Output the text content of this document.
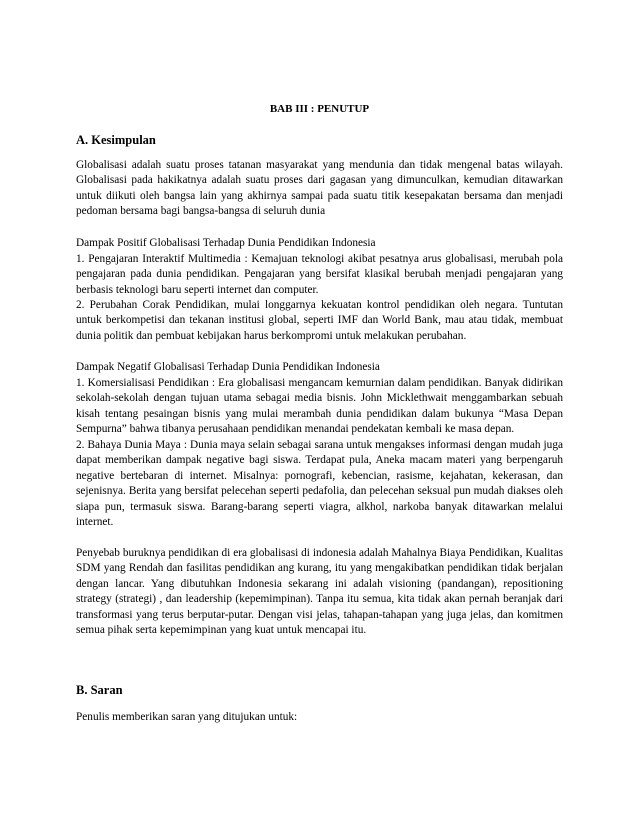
BAB III : PENUTUP
A. Kesimpulan
Globalisasi adalah suatu proses tatanan masyarakat yang mendunia dan tidak mengenal batas wilayah. Globalisasi pada hakikatnya adalah suatu proses dari gagasan yang dimunculkan, kemudian ditawarkan untuk diikuti oleh bangsa lain yang akhirnya sampai pada suatu titik kesepakatan bersama dan menjadi pedoman bersama bagi bangsa-bangsa di seluruh dunia
Dampak Positif Globalisasi Terhadap Dunia Pendidikan Indonesia
1. Pengajaran Interaktif Multimedia : Kemajuan teknologi akibat pesatnya arus globalisasi, merubah pola pengajaran pada dunia pendidikan. Pengajaran yang bersifat klasikal berubah menjadi pengajaran yang berbasis teknologi baru seperti internet dan computer.
2. Perubahan Corak Pendidikan, mulai longgarnya kekuatan kontrol pendidikan oleh negara. Tuntutan untuk berkompetisi dan tekanan institusi global, seperti IMF dan World Bank, mau atau tidak, membuat dunia politik dan pembuat kebijakan harus berkompromi untuk melakukan perubahan.
Dampak Negatif Globalisasi Terhadap Dunia Pendidikan Indonesia
1. Komersialisasi Pendidikan : Era globalisasi mengancam kemurnian dalam pendidikan. Banyak didirikan sekolah-sekolah dengan tujuan utama sebagai media bisnis. John Micklethwait menggambarkan sebuah kisah tentang pesaingan bisnis yang mulai merambah dunia pendidikan dalam bukunya “Masa Depan Sempurna” bahwa tibanya perusahaan pendidikan menandai pendekatan kembali ke masa depan.
2. Bahaya Dunia Maya : Dunia maya selain sebagai sarana untuk mengakses informasi dengan mudah juga dapat memberikan dampak negative bagi siswa. Terdapat pula, Aneka macam materi yang berpengaruh negative bertebaran di internet. Misalnya: pornografi, kebencian, rasisme, kejahatan, kekerasan, dan sejenisnya. Berita yang bersifat pelecehan seperti pedafolia, dan pelecehan seksual pun mudah diakses oleh siapa pun, termasuk siswa. Barang-barang seperti viagra, alkhol, narkoba banyak ditawarkan melalui internet.
Penyebab buruknya pendidikan di era globalisasi di indonesia adalah Mahalnya Biaya Pendidikan, Kualitas SDM yang Rendah dan fasilitas pendidikan ang kurang, itu yang mengakibatkan pendidikan tidak berjalan dengan lancar. Yang dibutuhkan Indonesia sekarang ini adalah visioning (pandangan), repositioning strategy (strategi) , dan leadership (kepemimpinan). Tanpa itu semua, kita tidak akan pernah beranjak dari transformasi yang terus berputar-putar. Dengan visi jelas, tahapan-tahapan yang juga jelas, dan komitmen semua pihak serta kepemimpinan yang kuat untuk mencapai itu.
B. Saran
Penulis memberikan saran yang ditujukan untuk:
